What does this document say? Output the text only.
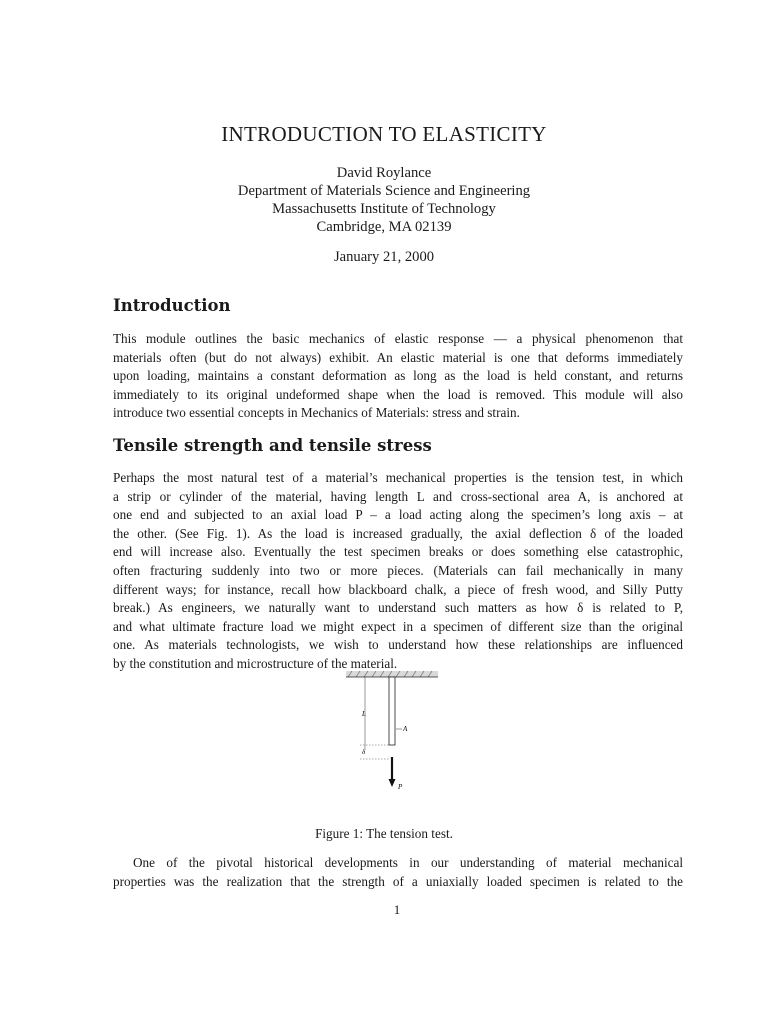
INTRODUCTION TO ELASTICITY
David Roylance
Department of Materials Science and Engineering
Massachusetts Institute of Technology
Cambridge, MA 02139
January 21, 2000
Introduction
This module outlines the basic mechanics of elastic response — a physical phenomenon that
materials often (but do not always) exhibit. An elastic material is one that deforms immediately
upon loading, maintains a constant deformation as long as the load is held constant, and returns
immediately to its original undeformed shape when the load is removed. This module will also
introduce two essential concepts in Mechanics of Materials: stress and strain.
Tensile strength and tensile stress
Perhaps the most natural test of a material’s mechanical properties is the tension test, in which
a strip or cylinder of the material, having length L and cross-sectional area A, is anchored at
one end and subjected to an axial load P – a load acting along the specimen’s long axis – at
the other. (See Fig. 1). As the load is increased gradually, the axial deflection δ of the loaded
end will increase also. Eventually the test specimen breaks or does something else catastrophic,
often fracturing suddenly into two or more pieces. (Materials can fail mechanically in many
different ways; for instance, recall how blackboard chalk, a piece of fresh wood, and Silly Putty
break.) As engineers, we naturally want to understand such matters as how δ is related to P,
and what ultimate fracture load we might expect in a specimen of different size than the original
one. As materials technologists, we wish to understand how these relationships are influenced
by the constitution and microstructure of the material.
L
A
δ
P
Figure 1: The tension test.
One of the pivotal historical developments in our understanding of material mechanical
properties was the realization that the strength of a uniaxially loaded specimen is related to the
1
